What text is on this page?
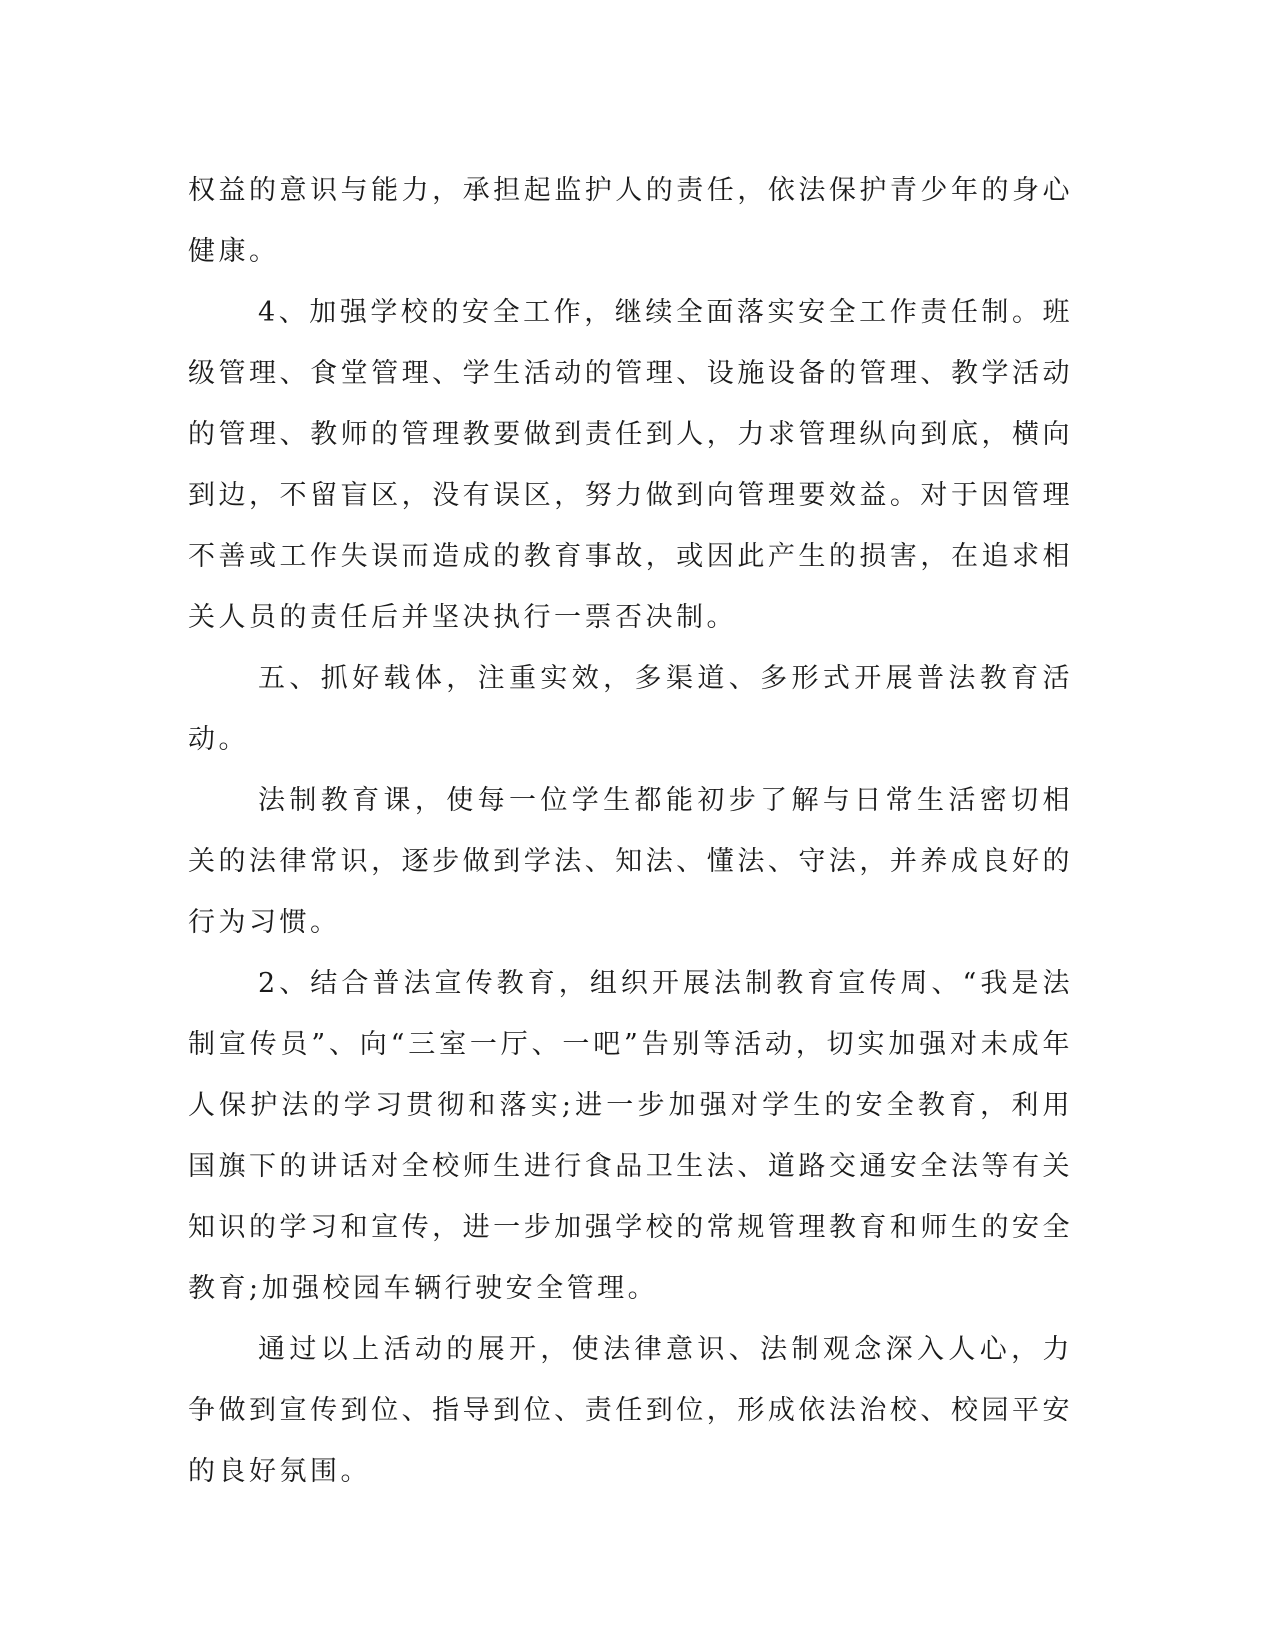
权益的意识与能力，承担起监护人的责任，依法保护青少年的身心健康。

4、加强学校的安全工作，继续全面落实安全工作责任制。班级管理、食堂管理、学生活动的管理、设施设备的管理、教学活动的管理、教师的管理教要做到责任到人，力求管理纵向到底，横向到边，不留盲区，没有误区，努力做到向管理要效益。对于因管理不善或工作失误而造成的教育事故，或因此产生的损害，在追求相关人员的责任后并坚决执行一票否决制。

五、抓好载体，注重实效，多渠道、多形式开展普法教育活动。

法制教育课，使每一位学生都能初步了解与日常生活密切相关的法律常识，逐步做到学法、知法、懂法、守法，并养成良好的行为习惯。

2、结合普法宣传教育，组织开展法制教育宣传周、“我是法制宣传员”、向“三室一厅、一吧”告别等活动，切实加强对未成年人保护法的学习贯彻和落实;进一步加强对学生的安全教育，利用国旗下的讲话对全校师生进行食品卫生法、道路交通安全法等有关知识的学习和宣传，进一步加强学校的常规管理教育和师生的安全教育;加强校园车辆行驶安全管理。

通过以上活动的展开，使法律意识、法制观念深入人心，力争做到宣传到位、指导到位、责任到位，形成依法治校、校园平安的良好氛围。
